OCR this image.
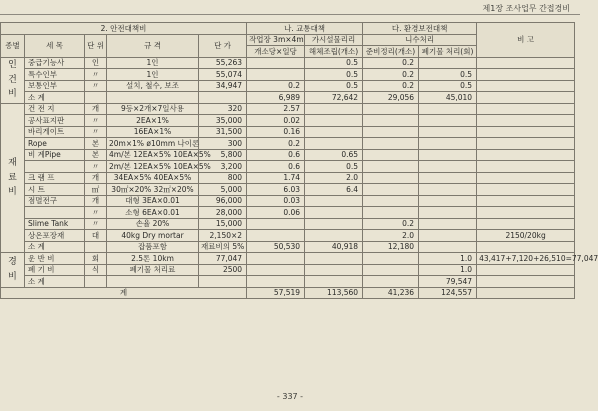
제1장 조사업무 간접경비
2. 안전대책비					나. 교통대책		다. 환경보전대책		비 고
종별	세 목	단 위	규 격	단 가	작업장 3m×4m	가시설물리리	니수처리		
					개소당×일당	해체조립(개소)	준비정리(개소)	폐기물 처리(회)	
인 건 비	중급기능사	인	1인	55,263		0.5	0.2		
	특수인부	〃	1인	55,074		0.5	0.2	0.5	
	보통인부	〃	설치, 철수, 보조	34,947	0.2	0.5	0.2	0.5	
	소 계				6,989	72,642	29,056	45,010	
재 료 비	건 전 지	개	9등×2개×7일사용	320	2.57				
	공사표지판	〃	2EA×1%	35,000	0.02				
	바리게이트	〃	16EA×1%	31,500	0.16				
	Rope	본	20m×1% ø10mm 나이론	300	0.2				
	비 계Pipe	본	4m/본 12EA×5% 10EA×5%	5,800	0.6	0.65			
		〃	2m/본 12EA×5% 10EA×5%	3,200	0.6	0.5			
	크 램 프	개	34EA×5% 40EA×5%	800	1.74	2.0			
	시 트	㎡	30㎡×20% 32㎡×20%	5,000	6.03	6.4			
	점멸전구	개	대형 3EA×0.01	96,000	0.03				
		〃	소형 6EA×0.01	28,000	0.06				
	Slime Tank	〃	손율 20%	15,000			0.2		
	상온포장재	대	40kg Dry mortar	2,150×2			2.0		2150/20kg
	소 계		잡품포함	재료비의 5%	50,530	40,918	12,180		
경 비	운 반 비	회	2.5톤 10km	77,047				1.0	43,417+7,120+26,510=77,047
	폐 기 비	식	폐기물 처리료	2500				1.0	
	소 계							79,547	
계					57,519	113,560	41,236	124,557	
- 337 -
